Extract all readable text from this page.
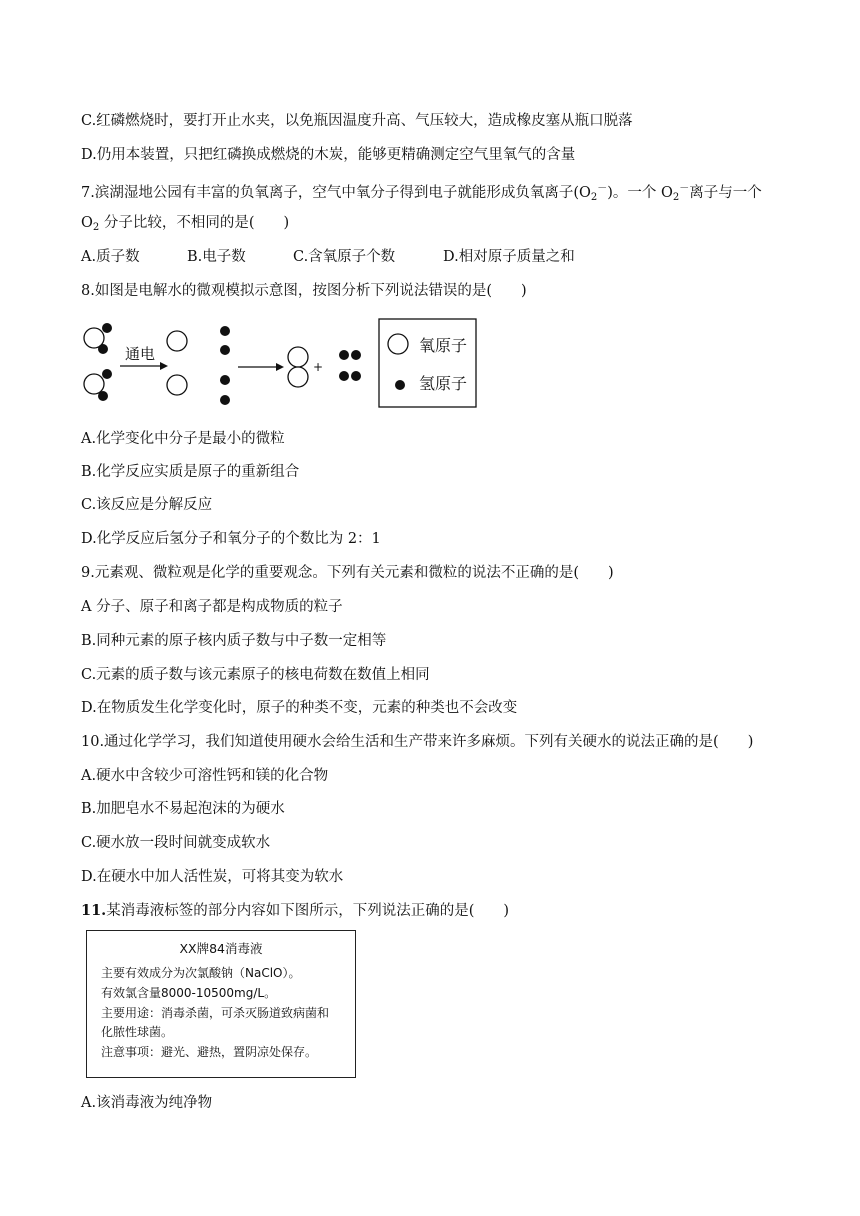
C.红磷燃烧时，要打开止水夹，以免瓶因温度升高、气压较大，造成橡皮塞从瓶口脱落
D.仍用本装置，只把红磷换成燃烧的木炭，能够更精确测定空气里氧气的含量
7.滨湖湿地公园有丰富的负氧离子，空气中氧分子得到电子就能形成负氧离子$(O_2^-)$。一个 $O_2^-$离子与一个
$O_2$ 分子比较，不相同的是(　　)
A.质子数	B.电子数	C.含氧原子个数	D.相对原子质量之和
8.如图是电解水的微观模拟示意图，按图分析下列说法错误的是(　　)
通电
+
氧原子
氢原子
A.化学变化中分子是最小的微粒
B.化学反应实质是原子的重新组合
C.该反应是分解反应
D.化学反应后氢分子和氧分子的个数比为 2：1
9.元素观、微粒观是化学的重要观念。下列有关元素和微粒的说法不正确的是(　　)
A 分子、原子和离子都是构成物质的粒子
B.同种元素的原子核内质子数与中子数一定相等
C.元素的质子数与该元素原子的核电荷数在数值上相同
D.在物质发生化学变化时，原子的种类不变，元素的种类也不会改变
10.通过化学学习，我们知道使用硬水会给生活和生产带来许多麻烦。下列有关硬水的说法正确的是(　　)
A.硬水中含较少可溶性钙和镁的化合物
B.加肥皂水不易起泡沫的为硬水
C.硬水放一段时间就变成软水
D.在硬水中加人活性炭，可将其变为软水
11.某消毒液标签的部分内容如下图所示，下列说法正确的是(　　)
XX牌84消毒液
主要有效成分为次氯酸钠（NaClO）。
有效氯含量8000-10500mg/L。
主要用途：消毒杀菌，可杀灭肠道致病菌和
化脓性球菌。
注意事项：避光、避热，置阴凉处保存。
A.该消毒液为纯净物
